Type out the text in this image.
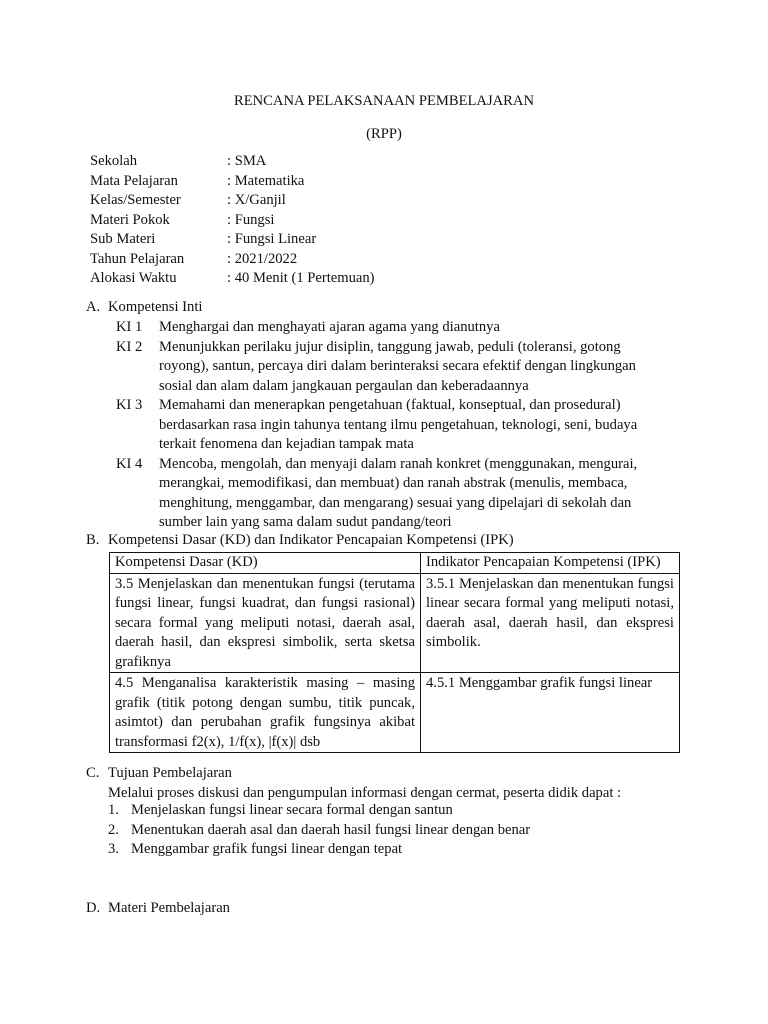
RENCANA PELAKSANAAN PEMBELAJARAN
(RPP)
Sekolah	: SMA
Mata Pelajaran	: Matematika
Kelas/Semester	: X/Ganjil
Materi Pokok	: Fungsi
Sub Materi	: Fungsi Linear
Tahun Pelajaran	: 2021/2022
Alokasi Waktu	: 40 Menit (1 Pertemuan)
A. Kompetensi Inti
KI 1	Menghargai dan menghayati ajaran agama yang dianutnya
KI 2	Menunjukkan perilaku jujur disiplin, tanggung jawab, peduli (toleransi, gotong
royong), santun, percaya diri dalam berinteraksi secara efektif dengan lingkungan
sosial dan alam dalam jangkauan pergaulan dan keberadaannya
KI 3	Memahami dan menerapkan pengetahuan (faktual, konseptual, dan prosedural)
berdasarkan rasa ingin tahunya tentang ilmu pengetahuan, teknologi, seni, budaya
terkait fenomena dan kejadian tampak mata
KI 4	Mencoba, mengolah, dan menyaji dalam ranah konkret (menggunakan, mengurai,
merangkai, memodifikasi, dan membuat) dan ranah abstrak (menulis, membaca,
menghitung, menggambar, dan mengarang) sesuai yang dipelajari di sekolah dan
sumber lain yang sama dalam sudut pandang/teori
B. Kompetensi Dasar (KD) dan Indikator Pencapaian Kompetensi (IPK)
Kompetensi Dasar (KD)	Indikator Pencapaian Kompetensi (IPK)
3.5 Menjelaskan dan menentukan fungsi (terutama fungsi linear, fungsi kuadrat, dan fungsi rasional) secara formal yang meliputi notasi, daerah asal, daerah hasil, dan ekspresi simbolik, serta sketsa grafiknya	3.5.1 Menjelaskan dan menentukan fungsi linear secara formal yang meliputi notasi, daerah asal, daerah hasil, dan ekspresi simbolik.
4.5 Menganalisa karakteristik masing – masing grafik (titik potong dengan sumbu, titik puncak, asimtot) dan perubahan grafik fungsinya akibat transformasi f2(x), 1/f(x), |f(x)| dsb	4.5.1 Menggambar grafik fungsi linear
C. Tujuan Pembelajaran
Melalui proses diskusi dan pengumpulan informasi dengan cermat, peserta didik dapat :
1. Menjelaskan fungsi linear secara formal dengan santun
2. Menentukan daerah asal dan daerah hasil fungsi linear dengan benar
3. Menggambar grafik fungsi linear dengan tepat
D. Materi Pembelajaran
